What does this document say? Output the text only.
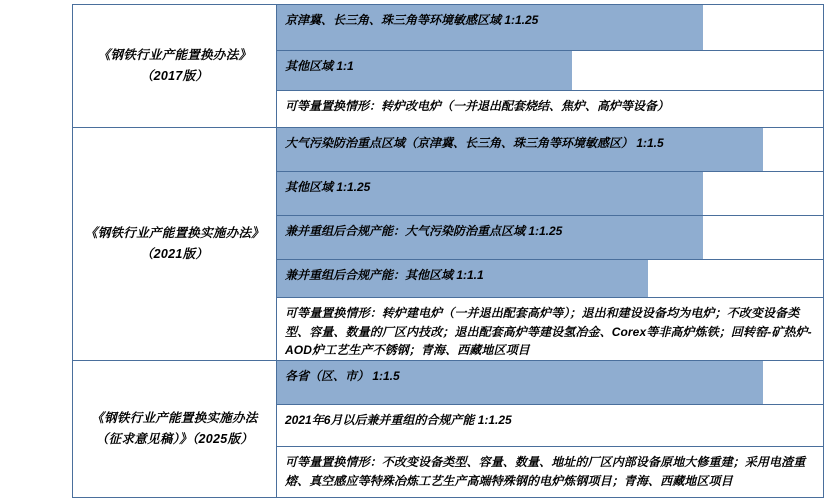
《钢铁行业产能置换办法》
（2017版）

京津冀、长三角、珠三角等环境敏感区域 1:1.25
其他区域 1:1
可等量置换情形：转炉改电炉（一并退出配套烧结、焦炉、高炉等设备）

《钢铁行业产能置换实施办法》
（2021版）

大气污染防治重点区域（京津冀、长三角、珠三角等环境敏感区） 1:1.5
其他区域 1:1.25
兼并重组后合规产能：大气污染防治重点区域 1:1.25
兼并重组后合规产能：其他区域 1:1.1
可等量置换情形：转炉建电炉（一并退出配套高炉等）；退出和建设设备均为电炉；不改变设备类型、容量、数量的厂区内技改；退出配套高炉等建设氢冶金、Corex等非高炉炼铁；回转窑-矿热炉-AOD炉工艺生产不锈钢；青海、西藏地区项目

《钢铁行业产能置换实施办法
（征求意见稿）》（2025版）

各省（区、市） 1:1.5
2021年6月以后兼并重组的合规产能 1:1.25
可等量置换情形：不改变设备类型、容量、数量、地址的厂区内部设备原地大修重建；采用电渣重熔、真空感应等特殊冶炼工艺生产高端特殊钢的电炉炼钢项目；青海、西藏地区项目
